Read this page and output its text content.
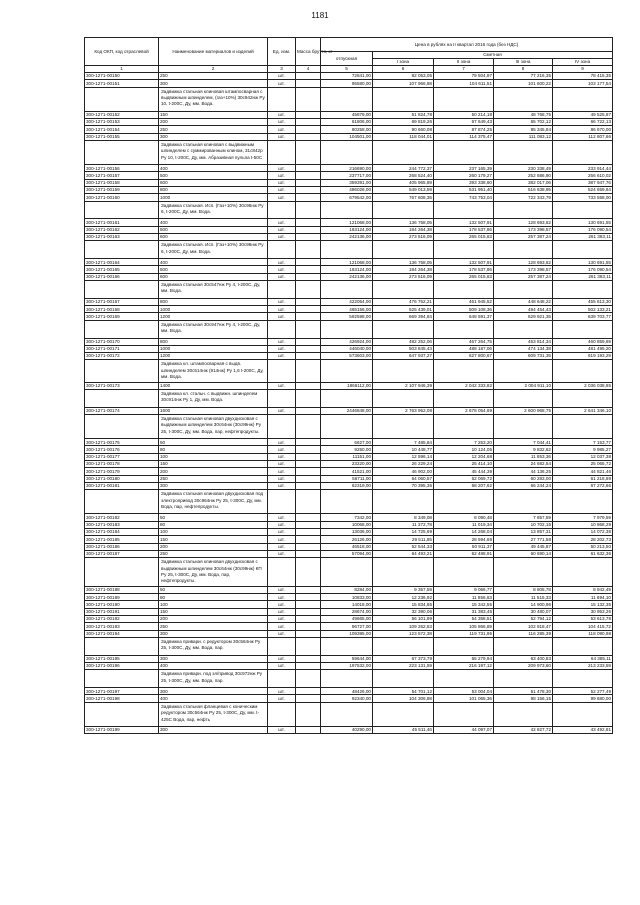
1181
Код ОКП, код отраслевой	Наименование материалов и изделий	Ед. изм.	Масса брутто, кг	Цена в рублях на II квартал 2016 года (без НДС)				
				отпускная	Сметная			
					I зона	II зона	III зона	IV зона
1	2	3	4	5	6	7	8	9
300-1271-00150	250	шт.		72841,00	82 053,05	79 504,97	77 216,35	78 415,35
300-1271-00151	300	шт.		95580,00	107 966,88	104 611,51	101 600,22	103 177,54
	Задвижка стальная клиновая штампосварная с выдвижным шпинделем, (газ+10%) 30с942нж Ру 10, t-200С, Ду, мм. Вода.							
300-1271-00152	150	шт.		45879,00	51 824,78	50 214,18	48 768,75	49 525,87
300-1271-00153	200	шт.		61806,00	69 819,26	67 649,43	65 702,12	66 722,13
300-1271-00154	250	шт.		80258,00	90 660,08	87 874,25	85 345,84	86 670,00
300-1271-00155	300	шт.		104501,00	118 044,01	114 375,47	111 083,12	112 807,66
	Задвижка стальная клиновая с выдвижным шпинделем с суммированным клином, 31с842р Ру 10, t-200С, Ду, мм. Абразивная пульпа t-50С							
300-1271-00156	400	шт.		216690,00	244 772,37	237 165,39	230 338,49	233 914,44
300-1271-00157	500	шт.		237717,00	268 524,40	260 179,27	252 686,90	256 610,02
300-1271-00158	600	шт.		359391,00	405 965,89	393 338,60	382 017,06	387 947,76
300-1271-00159	800	шт.		486026,00	549 013,59	531 951,40	516 638,95	524 659,64
300-1271-00160	1000	шт.		679542,00	767 608,35	743 753,04	722 343,79	733 558,00
	Задвижка стальная. Исп. (Газ+10%) 30с96нж Ру 6, t-200С, Ду, мм. Вода.							
300-1271-00161	400	шт.		121068,00	136 758,05	132 507,91	128 693,62	130 691,55
300-1271-00162	500	шт.		163124,00	184 264,38	178 537,86	173 398,57	176 090,54
300-1271-00163	600	шт.		242136,00	273 516,09	265 015,83	257 387,24	261 383,11
	Задвижка стальная. Исп. (Газ+10%) 30с96нж Ру 6, t-200С, Ду, мм. Вода.							
300-1271-00164	400	шт.		121068,00	136 758,05	132 507,91	128 693,62	130 691,55
300-1271-00165	500	шт.		163124,00	184 264,38	178 537,86	173 398,57	176 090,54
300-1271-00166	600	шт.		242136,00	273 516,09	265 015,83	257 387,24	261 383,11
	Задвижка стальная 30с547нж Ру 4, t-200С, Ду, мм. Вода.							
300-1271-00167	800	шт.		422054,00	476 752,21	461 945,52	448 648,22	455 613,30
300-1271-00168	1000	шт.		465156,00	525 439,01	509 108,36	494 454,43	502 133,21
300-1271-00169	1200	шт.		592598,00	669 394,84	648 591,37	629 921,35	639 703,77
	Задвижка стальная 30с947нж Ру 4, t-200С, Ду, мм. Вода.							
300-1271-00170	800	шт.		426924,00	482 252,06	467 264,75	453 814,34	460 859,69
300-1271-00171	1000	шт.		446040,00	503 845,43	488 187,06	474 134,38	481 495,20
300-1271-00172	1200	шт.		573603,00	647 937,27	627 800,67	609 731,35	619 193,29
	Задвижка кл. штампосварная с выдв. шпинделем 30с514нж (914нж) Ру 1,6 t-200С, Ду, мм. Вода.							
300-1271-00173	1400	шт.		1866112,00	2 107 946,39	2 042 333,82	2 004 911,10	2 036 038,85
	Задвижка кл. стальн. с выдвижн. шпинделем 30с914нж Ру 1, Ду, мм. Вода.							
300-1271-00174	1600	шт.		2446848,00	2 763 952,08	2 678 054,69	2 600 968,75	2 641 346,10
	Задвижка стальная клиновая двухдисковая с выдвижным шпинделем 30с64нж (30с99нж) Ру 25, t-300С, Ду, мм. Вода, пар, нефтепродукты.							
300-1271-00175	50	шт.		6627,00	7 485,84	7 253,20	7 044,41	7 153,77
300-1271-00176	80	шт.		9250,00	10 448,77	10 124,05	9 832,62	9 985,27
300-1271-00177	100	шт.		11151,00	12 596,14	12 204,68	11 853,36	12 037,38
300-1271-00178	150	шт.		23220,00	26 229,24	25 414,10	24 682,54	25 065,72
300-1271-00179	200	шт.		41521,00	46 902,00	45 444,39	44 136,25	44 821,46
300-1271-00180	250	шт.		56711,00	64 060,57	62 069,72	60 283,00	61 218,89
300-1271-00181	300	шт.		62319,00	70 395,35	68 207,62	66 244,24	67 272,66
	Задвижка стальная клиновая двухдисковая под электропривод 30с964нж Ру 25, t-300С, Ду, мм. Вода, пар, нефтепродукты.							
300-1271-00182	50	шт.		7342,00	8 349,08	8 090,48	7 857,59	7 979,59
300-1271-00183	80	шт.		10068,00	11 372,78	11 019,34	10 702,15	10 868,29
300-1271-00184	100	шт.		13036,00	14 725,69	14 268,04	13 857,31	14 072,38
300-1271-00185	150	шт.		26126,00	29 511,85	28 594,69	27 771,58	28 202,73
300-1271-00186	200	шт.		46518,00	52 544,33	50 911,37	49 445,87	50 213,50
300-1271-00187	250	шт.		57094,00	64 493,21	62 488,91	60 690,14	61 632,36
	Задвижка стальная клиновая двухдисковая с выдвижным шпинделем 30с64нж (30с99нж) КП Ру 25, t-300С, Ду, мм. Вода, пар, нефтепродукты.							
300-1271-00188	50	шт.		8284,00	9 357,59	9 066,77	8 805,78	8 942,49
300-1271-00189	80	шт.		10833,00	12 236,92	11 856,63	11 515,33	11 694,10
300-1271-00190	100	шт.		14018,00	15 834,65	15 342,55	14 900,96	15 132,35
300-1271-00191	150	шт.		28674,00	32 390,06	31 383,45	30 480,07	30 953,26
300-1271-00192	200	шт.		49665,00	56 101,99	54 358,51	52 794,12	53 613,78
300-1271-00193	250	шт.		96727,00	109 262,53	105 866,89	102 818,47	104 415,72
300-1271-00194	300	шт.		109395,00	123 572,38	119 731,95	116 285,39	118 090,98
	Задвижка привари. с редуктором 30с564нж Ру 25, t-300С, Ду, мм. Вода, пар.							
300-1271-00195	300	шт.		59644,00	67 373,79	65 279,94	63 400,83	64 385,11
300-1271-00196	400	шт.		197532,00	223 131,59	216 197,12	209 973,60	213 233,59
	Задвижка привари. под эл/привод 30с972нж Ру 25, t-300С, Ду, мм. Вода, пар.							
300-1271-00197	300	шт.		48426,00	54 701,12	53 004,04	51 478,30	52 277,49
300-1271-00198	400	шт.		92340,00	104 306,98	101 065,36	98 156,15	99 680,00
	Задвижка стальная фланцевая с коническим редуктором 30с564нж Ру 25, t-300С, Ду, мм. t-425С Вода, пар, нефть							
300-1271-00199	300	шт.		40290,00	45 511,46	44 097,07	42 827,72	43 492,81
